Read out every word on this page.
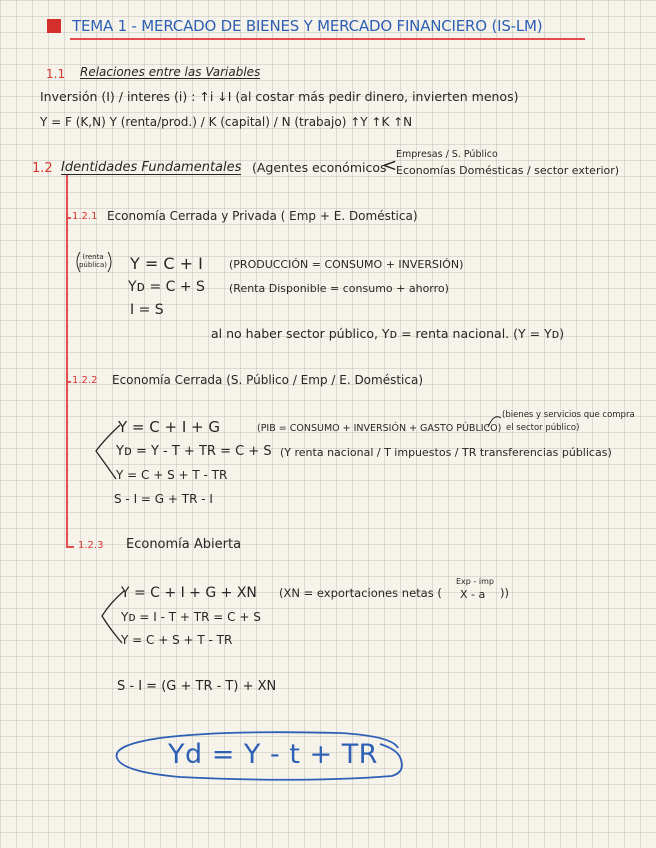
TEMA 1 - MERCADO DE BIENES Y MERCADO FINANCIERO (IS-LM)
1.1 Relaciones entre las Variables
Inversión (I) / interes (i) : ↑i ↓I (al costar más pedir dinero, invierten menos)
Y = F (K,N) Y (renta/prod.) / K (capital) / N (trabajo) ↑Y ↑K ↑N
1.2 Identidades Fundamentales (Agentes económicos
<
Empresas / S. Público
Economías Domésticas / sector exterior)
1.2.1 Economía Cerrada y Privada ( Emp + E. Doméstica)
(renta pública) Y = C + I (PRODUCCIÓN = CONSUMO + INVERSIÓN)
Yᴅ = C + S (Renta Disponible = consumo + ahorro)
I = S
al no haber sector público, Yᴅ = renta nacional. (Y = Yᴅ)
1.2.2 Economía Cerrada (S. Público / Emp / E. Doméstica)
Y = C + I + G	(PIB = CONSUMO + INVERSIÓN + GASTO PÚBLICO)
(bienes y servicios que compra
el sector público)
Yᴅ = Y - T + TR = C + S (Y renta nacional / T impuestos / TR transferencias públicas)
Y = C + S + T - TR
S - I = G + TR - I
1.2.3 Economía Abierta
Y = C + I + G + XN (XN = exportaciones netas (
Exp - imp
X - a ))
Yᴅ = I - T + TR = C + S
Y = C + S + T - TR
S - I = (G + TR - T) + XN
Yd = Y - t + TR
